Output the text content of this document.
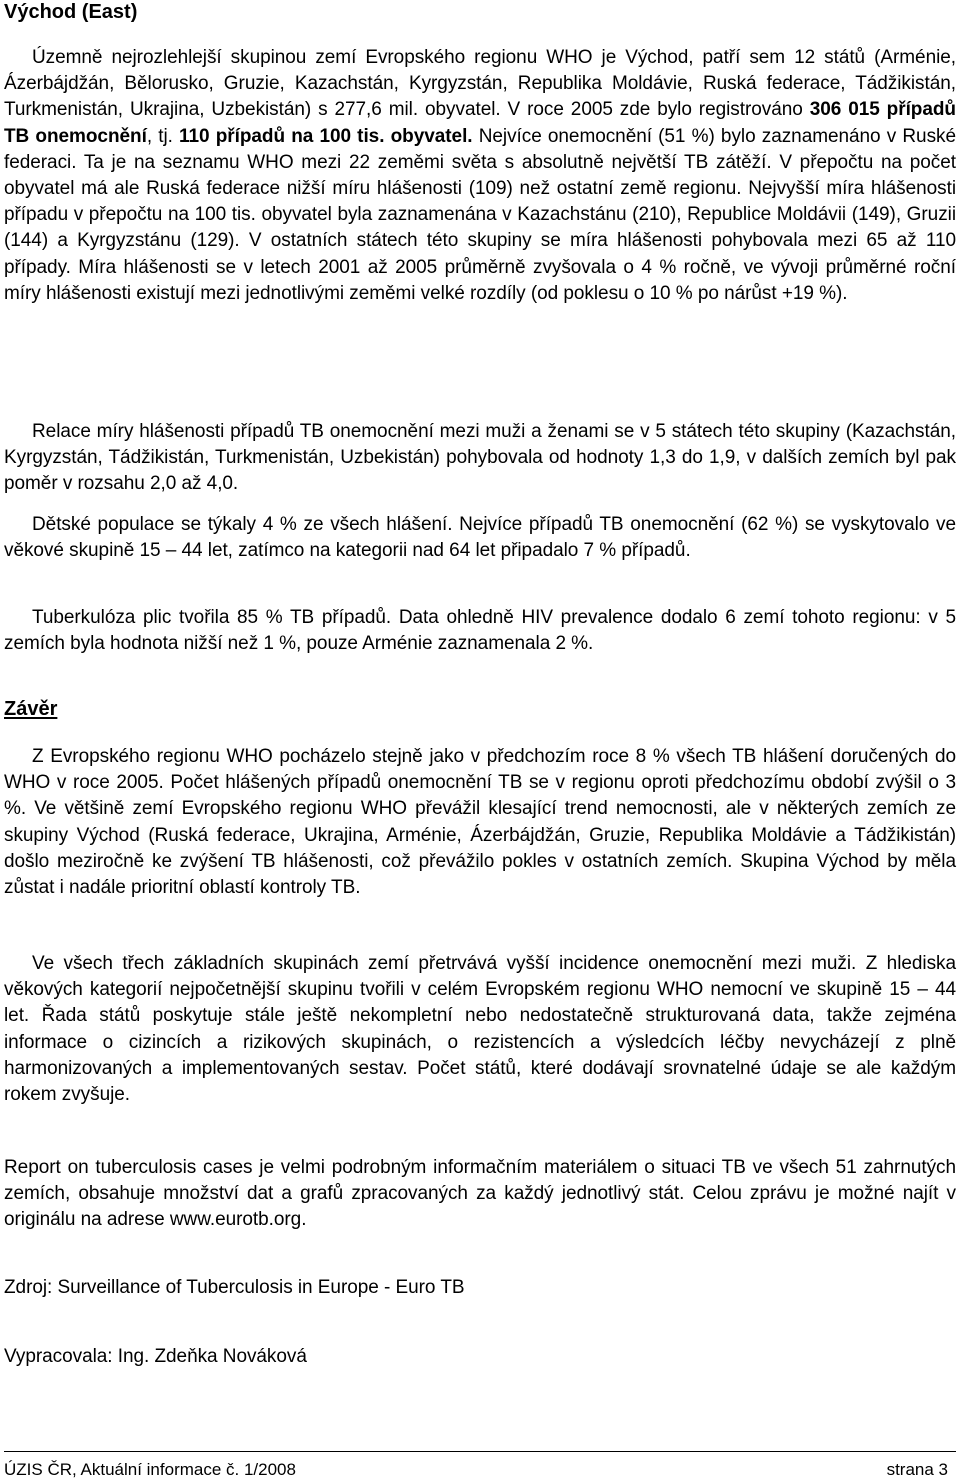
Východ (East)

Územně nejrozlehlejší skupinou zemí Evropského regionu WHO je Východ, patří sem 12 států (Arménie, Ázerbájdžán, Bělorusko, Gruzie, Kazachstán, Kyrgyzstán, Republika Moldávie, Ruská federace, Tádžikistán, Turkmenistán, Ukrajina, Uzbekistán) s 277,6 mil. obyvatel. V roce 2005 zde bylo registrováno 306 015 případů TB onemocnění, tj. 110 případů na 100 tis. obyvatel. Nejvíce onemocnění (51 %) bylo zaznamenáno v Ruské federaci. Ta je na seznamu WHO mezi 22 zeměmi světa s absolutně největší TB zátěží. V přepočtu na počet obyvatel má ale Ruská federace nižší míru hlášenosti (109) než ostatní země regionu. Nejvyšší míra hlášenosti případu v přepočtu na 100 tis. obyvatel byla zaznamenána v Kazachstánu (210), Republice Moldávii (149), Gruzii (144) a Kyrgyzstánu (129). V ostatních státech této skupiny se míra hlášenosti pohybovala mezi 65 až 110 případy. Míra hlášenosti se v letech 2001 až 2005 průměrně zvyšovala o 4 % ročně, ve vývoji průměrné roční míry hlášenosti existují mezi jednotlivými zeměmi velké rozdíly (od poklesu o 10 % po nárůst +19 %).

Relace míry hlášenosti případů TB onemocnění mezi muži a ženami se v 5 státech této skupiny (Kazachstán, Kyrgyzstán, Tádžikistán, Turkmenistán, Uzbekistán) pohybovala od hodnoty 1,3 do 1,9, v dalších zemích byl pak poměr v rozsahu 2,0 až 4,0.

Dětské populace se týkaly 4 % ze všech hlášení. Nejvíce případů TB onemocnění (62 %) se vyskytovalo ve věkové skupině 15 – 44 let, zatímco na kategorii nad 64 let připadalo 7 % případů.

Tuberkulóza plic tvořila 85 % TB případů. Data ohledně HIV prevalence dodalo 6 zemí tohoto regionu: v 5 zemích byla hodnota nižší než 1 %, pouze Arménie zaznamenala 2 %.

Závěr

Z Evropského regionu WHO pocházelo stejně jako v předchozím roce 8 % všech TB hlášení doručených do WHO v roce 2005. Počet hlášených případů onemocnění TB se v regionu oproti předchozímu období zvýšil o 3 %. Ve většině zemí Evropského regionu WHO převážil klesající trend nemocnosti, ale v některých zemích ze skupiny Východ (Ruská federace, Ukrajina, Arménie, Ázerbájdžán, Gruzie, Republika Moldávie a Tádžikistán) došlo meziročně ke zvýšení TB hlášenosti, což převážilo pokles v ostatních zemích. Skupina Východ by měla zůstat i nadále prioritní oblastí kontroly TB.

Ve všech třech základních skupinách zemí přetrvává vyšší incidence onemocnění mezi muži. Z hlediska věkových kategorií nejpočetnější skupinu tvořili v celém Evropském regionu WHO nemocní ve skupině 15 – 44 let. Řada států poskytuje stále ještě nekompletní nebo nedostatečně strukturovaná data, takže zejména informace o cizincích a rizikových skupinách, o rezistencích a výsledcích léčby nevycházejí z plně harmonizovaných a implementovaných sestav. Počet států, které dodávají srovnatelné údaje se ale každým rokem zvyšuje.

Report on tuberculosis cases je velmi podrobným informačním materiálem o situaci TB ve všech 51 zahrnutých zemích, obsahuje množství dat a grafů zpracovaných za každý jednotlivý stát. Celou zprávu je možné najít v originálu na adrese www.eurotb.org.

Zdroj: Surveillance of Tuberculosis in Europe - Euro TB

Vypracovala: Ing. Zdeňka Nováková

ÚZIS ČR, Aktuální informace č. 1/2008	strana 3
